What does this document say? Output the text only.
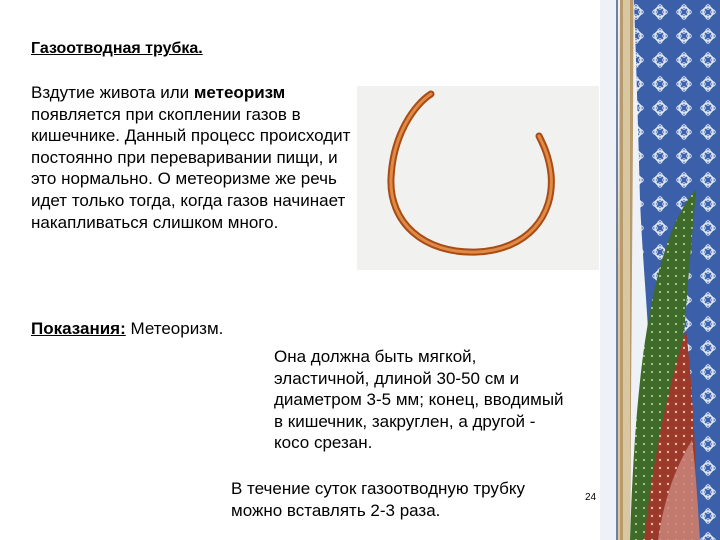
Газоотводная трубка.
Вздутие живота или метеоризм появляется при скоплении газов в кишечнике. Данный процесс происходит постоянно при переваривании пищи, и это нормально. О метеоризме же речь идет только тогда, когда газов начинает накапливаться слишком много.
Показания: Метеоризм.
Она должна быть мягкой, эластичной, длиной 30-50 см и диаметром 3-5 мм; конец, вводимый в кишечник, закруглен, а другой - косо срезан.
В течение суток газоотводную трубку можно вставлять 2-3 раза.
24
